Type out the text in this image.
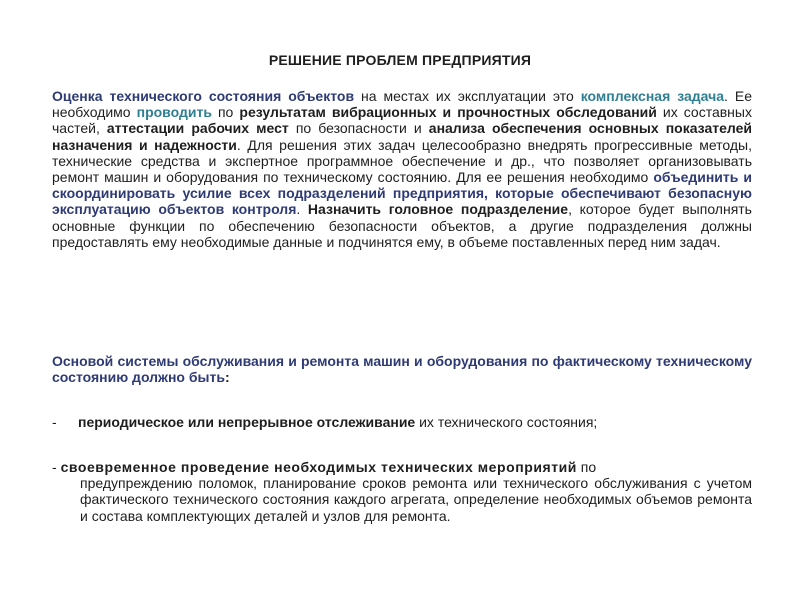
РЕШЕНИЕ ПРОБЛЕМ ПРЕДПРИЯТИЯ
Оценка технического состояния объектов на местах их эксплуатации это комплексная задача. Ее необходимо проводить по результатам вибрационных и прочностных обследований их составных частей, аттестации рабочих мест по безопасности и анализа обеспечения основных показателей назначения и надежности. Для решения этих задач целесообразно внедрять прогрессивные методы, технические средства и экспертное программное обеспечение и др., что позволяет организовывать ремонт машин и оборудования по техническому состоянию. Для ее решения необходимо объединить и скоординировать усилие всех подразделений предприятия, которые обеспечивают безопасную эксплуатацию объектов контроля. Назначить головное подразделение, которое будет выполнять основные функции по обеспечению безопасности объектов, а другие подразделения должны предоставлять ему необходимые данные и подчинятся ему, в объеме поставленных перед ним задач.
Основой системы обслуживания и ремонта машин и оборудования по фактическому техническому состоянию должно быть:
- периодическое или непрерывное отслеживание их технического состояния;
- своевременное проведение необходимых технических мероприятий по
предупреждению поломок, планирование сроков ремонта или технического обслуживания с учетом фактического технического состояния каждого агрегата, определение необходимых объемов ремонта и состава комплектующих деталей и узлов для ремонта.
